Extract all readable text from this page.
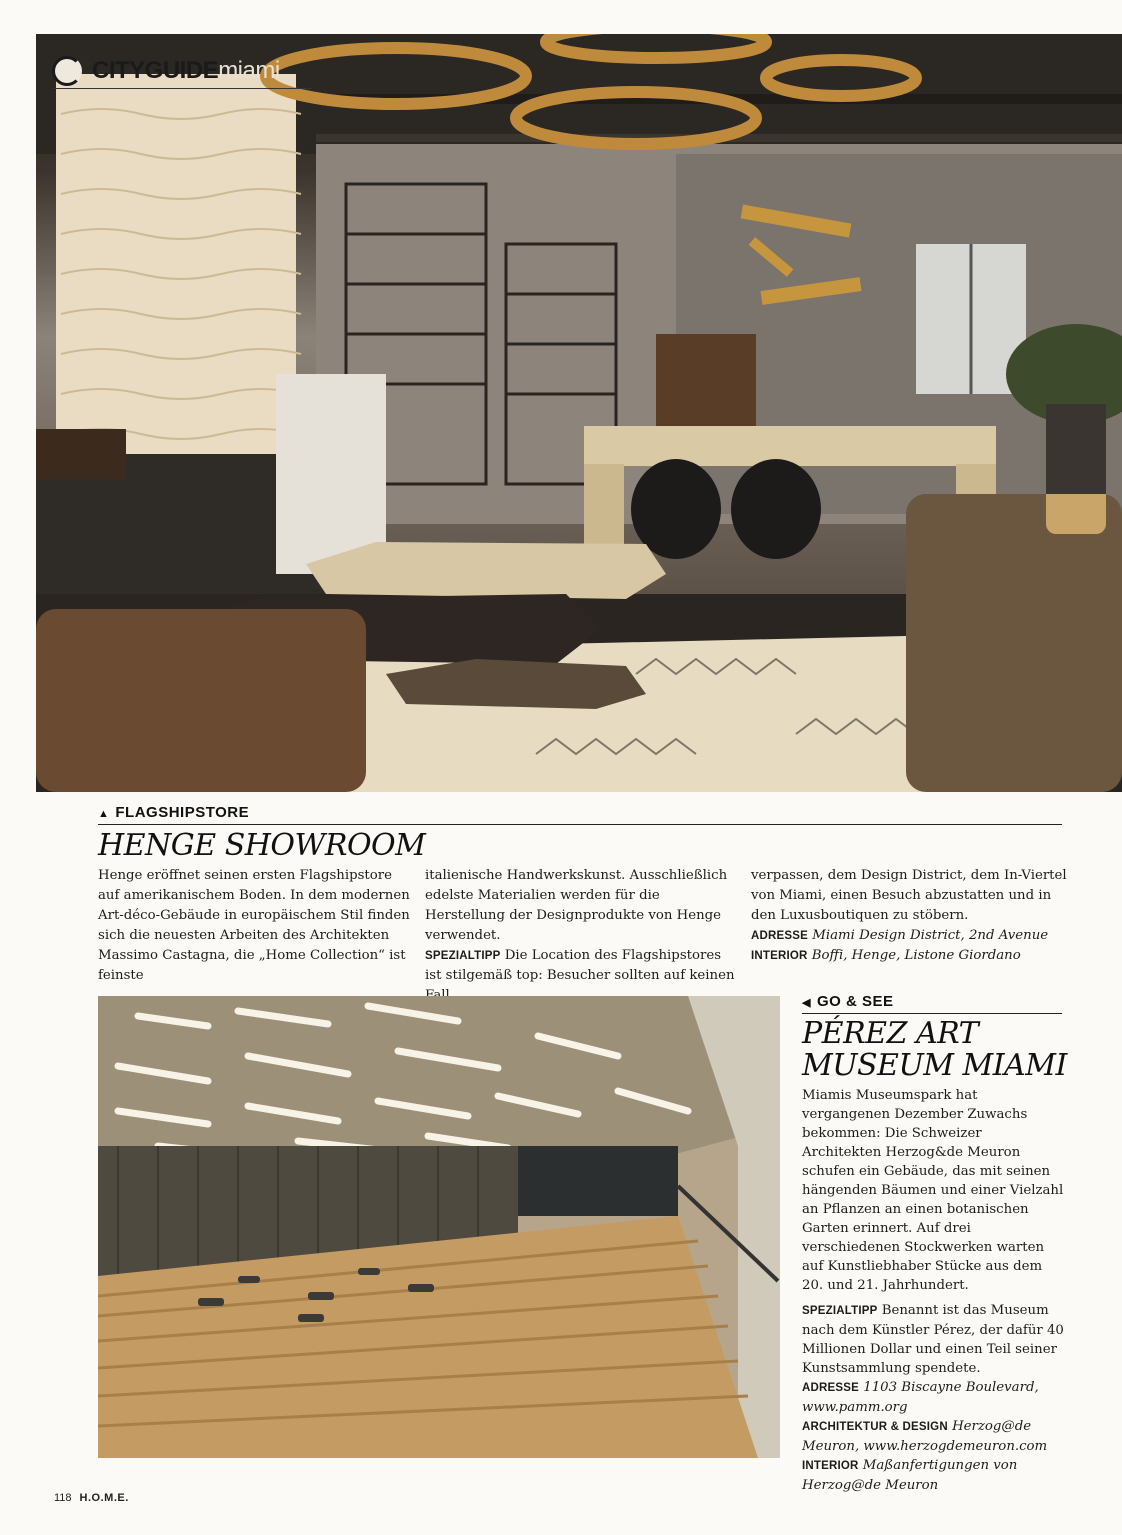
CITYGUIDEmiami
▲ FLAGSHIPSTORE
HENGE SHOWROOM

Henge eröffnet seinen ersten Flagshipstore auf amerikanischem Boden. In dem modernen Art-déco-Gebäude in europäischem Stil finden sich die neuesten Arbeiten des Architekten Massimo Castagna, die „Home Collection“ ist feinste

italienische Handwerkskunst. Ausschließlich edelste Materialien werden für die Herstellung der Designprodukte von Henge verwendet.

SPEZIALTIPP Die Location des Flagshipstores ist stilgemäß top: Besucher sollten auf keinen

verpassen, dem Design District, dem In-Viertel von Miami, einen Besuch abzustatten und in den Luxusboutiquen zu stöbern.

ADRESSE Miami Design District, 2nd Avenue

INTERIOR Boffi, Henge, Listone Giordano

◀ GO & SEE
PÉREZ ART
MUSEUM MIAMI

Miamis Museumspark hat vergangenen Dezember Zuwachs bekommen: Die Schweizer Architekten Herzog&de Meuron schufen ein Gebäude, das mit seinen hängenden Bäumen und einer Vielzahl an Pflanzen an einen botanischen Garten erinnert. Auf drei verschiedenen Stockwerken warten auf Kunstliebhaber Stücke aus dem 20. und 21. Jahrhundert.

SPEZIALTIPP Benannt ist das Museum nach dem Künstler Pérez, der dafür 40 Millionen Dollar und einen Teil seiner Kunstsammlung spendete.

ADRESSE 1103 Biscayne Boulevard, www.pamm.org

ARCHITEKTUR & DESIGN Herzog@de Meuron, www.herzogdemeuron.com

INTERIOR Maßanfertigungen von Herzog@de Meuron

118 H.O.M.E.
